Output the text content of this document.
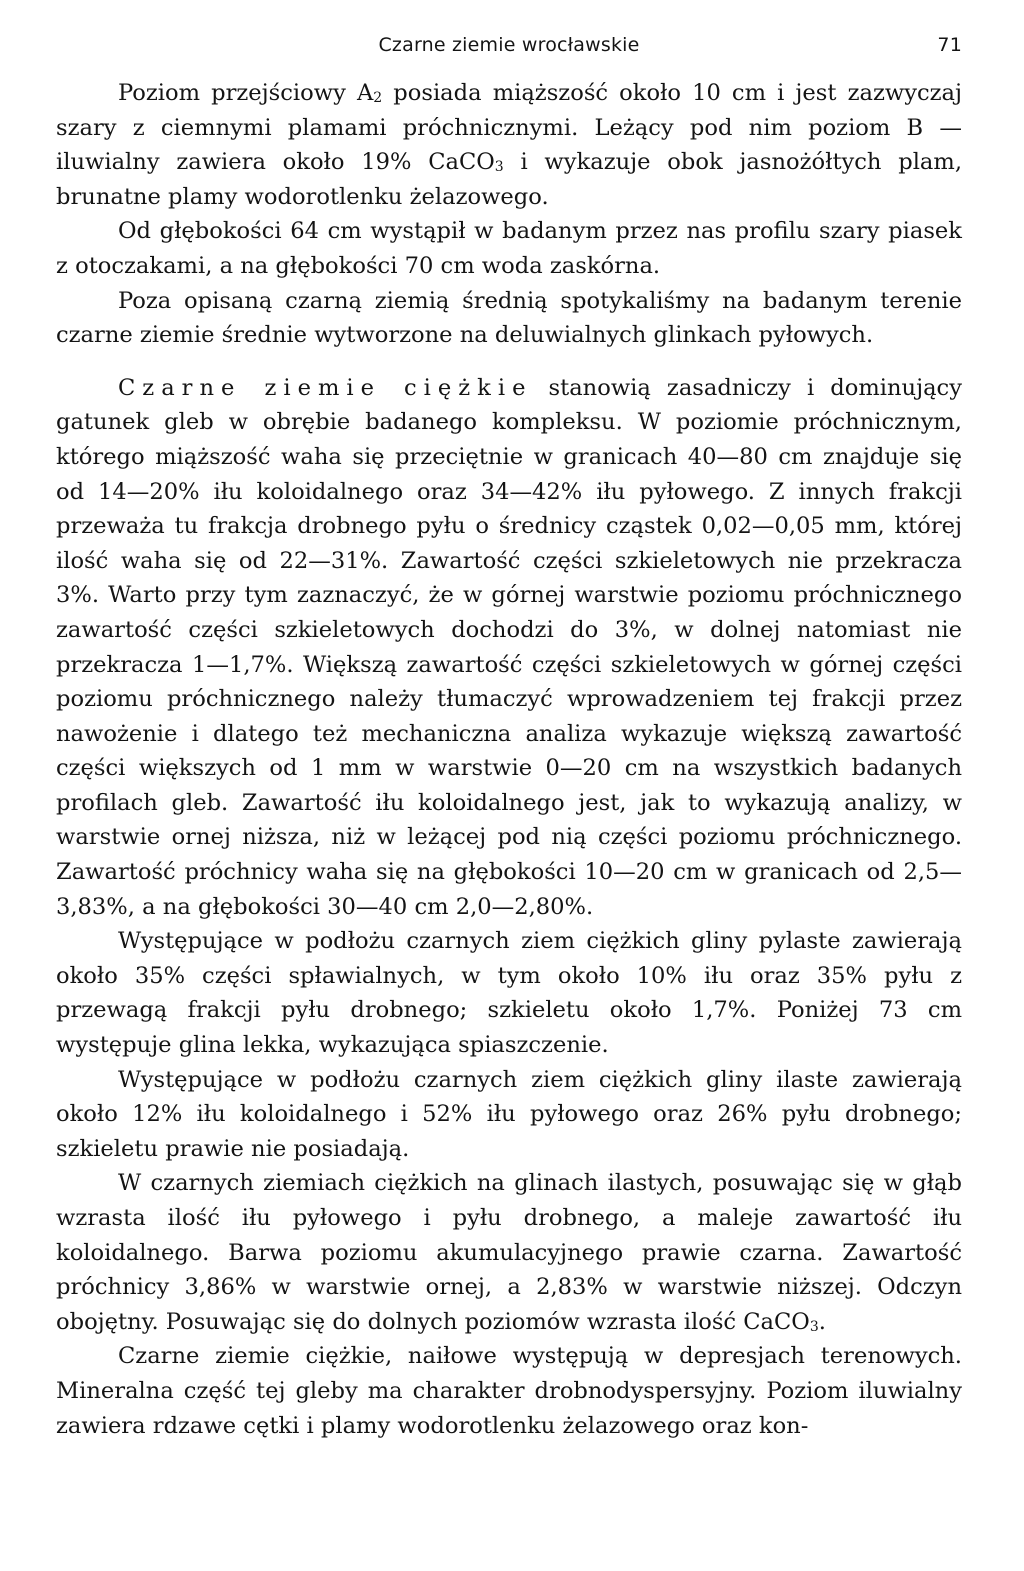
Czarne ziemie wrocławskie	71

Poziom przejściowy $A_2$ posiada miąższość około 10 cm i jest zazwyczaj szary z ciemnymi plamami próchnicznymi. Leżący pod nim poziom B — iluwialny zawiera około 19% CaCO$_3$ i wykazuje obok jasnożółtych plam, brunatne plamy wodorotlenku żelazowego.

Od głębokości 64 cm wystąpił w badanym przez nas profilu szary piasek z otoczakami, a na głębokości 70 cm woda zaskórna.

Poza opisaną czarną ziemią średnią spotykaliśmy na badanym terenie czarne ziemie średnie wytworzone na deluwialnych glinkach pyłowych.

Czarne ziemie ciężkie stanowią zasadniczy i dominujący gatunek gleb w obrębie badanego kompleksu. W poziomie próchnicznym, którego miąższość waha się przeciętnie w granicach 40—80 cm znajduje się od 14—20% iłu koloidalnego oraz 34—42% iłu pyłowego. Z innych frakcji przeważa tu frakcja drobnego pyłu o średnicy cząstek 0,02—0,05 mm, której ilość waha się od 22—31%. Zawartość części szkieletowych nie przekracza 3%. Warto przy tym zaznaczyć, że w górnej warstwie poziomu próchnicznego zawartość części szkieletowych dochodzi do 3%, w dolnej natomiast nie przekracza 1—1,7%. Większą zawartość części szkieletowych w górnej części poziomu próchnicznego należy tłumaczyć wprowadzeniem tej frakcji przez nawożenie i dlatego też mechaniczna analiza wykazuje większą zawartość części większych od 1 mm w warstwie 0—20 cm na wszystkich badanych profilach gleb. Zawartość iłu koloidalnego jest, jak to wykazują analizy, w warstwie ornej niższa, niż w leżącej pod nią części poziomu próchnicznego. Zawartość próchnicy waha się na głębokości 10—20 cm w granicach od 2,5—3,83%, a na głębokości 30—40 cm 2,0—2,80%.

Występujące w podłożu czarnych ziem ciężkich gliny pylaste zawierają około 35% części spławialnych, w tym około 10% iłu oraz 35% pyłu z przewagą frakcji pyłu drobnego; szkieletu około 1,7%. Poniżej 73 cm występuje glina lekka, wykazująca spiaszczenie.

Występujące w podłożu czarnych ziem ciężkich gliny ilaste zawierają około 12% iłu koloidalnego i 52% iłu pyłowego oraz 26% pyłu drobnego; szkieletu prawie nie posiadają.

W czarnych ziemiach ciężkich na glinach ilastych, posuwając się w głąb wzrasta ilość iłu pyłowego i pyłu drobnego, a maleje zawartość iłu koloidalnego. Barwa poziomu akumulacyjnego prawie czarna. Zawartość próchnicy 3,86% w warstwie ornej, a 2,83% w warstwie niższej. Odczyn obojętny. Posuwając się do dolnych poziomów wzrasta ilość CaCO$_3$.

Czarne ziemie ciężkie, naiłowe występują w depresjach terenowych. Mineralna część tej gleby ma charakter drobnodyspersyjny. Poziom iluwialny zawiera rdzawe cętki i plamy wodorotlenku żelazowego oraz kon-
